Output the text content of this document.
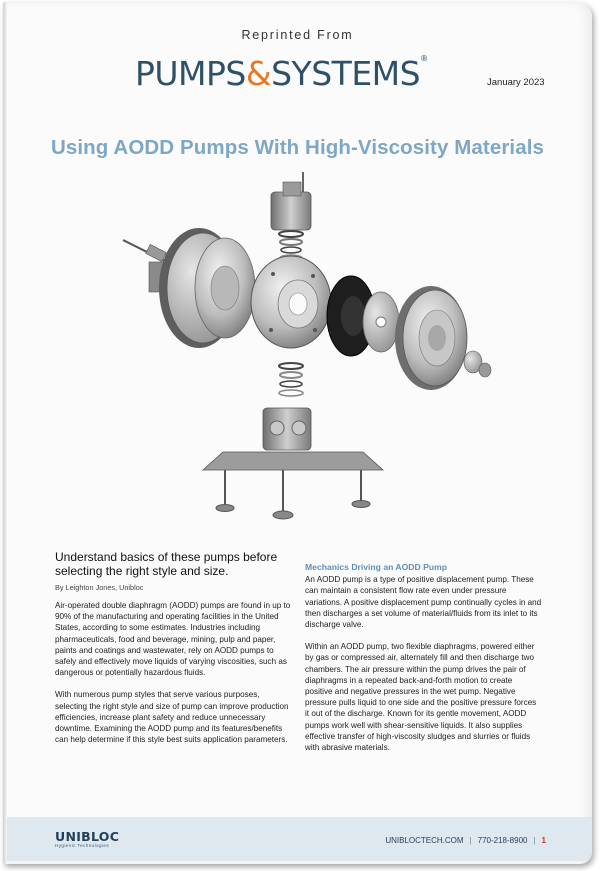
Reprinted From
PUMPS&SYSTEMS®
January 2023
Using AODD Pumps With High-Viscosity Materials
Understand basics of these pumps before selecting the right style and size.
By Leighton Jones, Unibloc

Air-operated double diaphragm (AODD) pumps are found in up to 90% of the manufacturing and operating facilities in the United States, according to some estimates. Industries including pharmaceuticals, food and beverage, mining, pulp and paper, paints and coatings and wastewater, rely on AODD pumps to safely and effectively move liquids of varying viscosities, such as dangerous or potentially hazardous fluids.

With numerous pump styles that serve various purposes, selecting the right style and size of pump can improve production efficiencies, increase plant safety and reduce unnecessary downtime. Examining the AODD pump and its features/benefits can help determine if this style best suits application parameters.

Mechanics Driving an AODD Pump

An AODD pump is a type of positive displacement pump. These can maintain a consistent flow rate even under pressure variations. A positive displacement pump continually cycles in and then discharges a set volume of material/fluids from its inlet to its discharge valve.

Within an AODD pump, two flexible diaphragms, powered either by gas or compressed air, alternately fill and then discharge two chambers. The air pressure within the pump drives the pair of diaphragms in a repeated back-and-forth motion to create positive and negative pressures in the wet pump. Negative pressure pulls liquid to one side and the positive pressure forces it out of the discharge. Known for its gentle movement, AODD pumps work well with shear-sensitive liquids. It also supplies effective transfer of high-viscosity sludges and slurries or fluids with abrasive materials.

UNIBLOC
Hygienic Technologies
UNIBLOCTECH.COM | 770-218-8900 | 1
